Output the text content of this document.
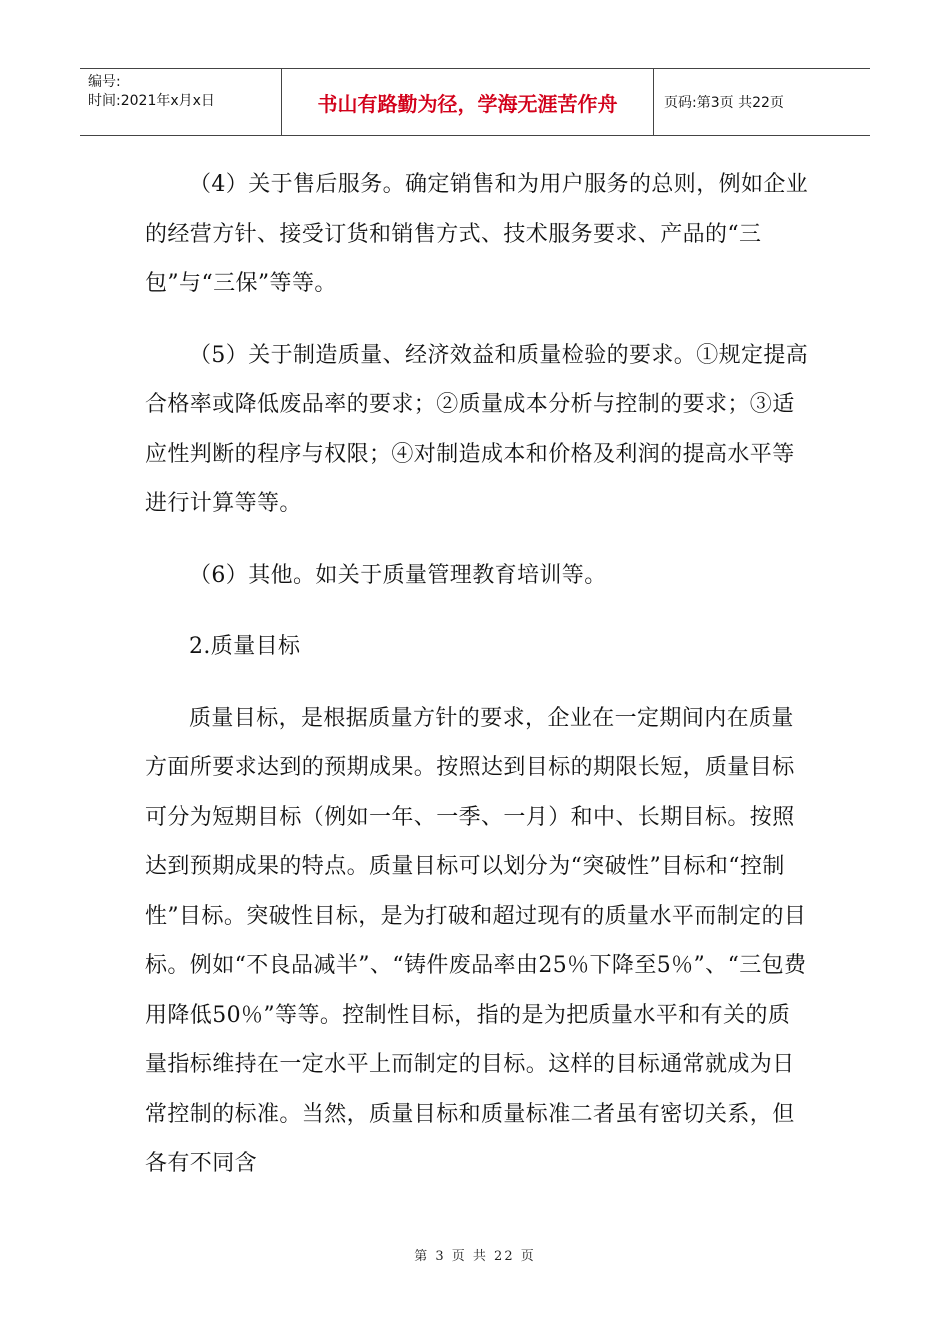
编号:
时间:2021年x月x日	书山有路勤为径，学海无涯苦作舟	页码:第3页 共22页

（4）关于售后服务。确定销售和为用户服务的总则，例如企业的经营方针、接受订货和销售方式、技术服务要求、产品的“三包”与“三保”等等。

（5）关于制造质量、经济效益和质量检验的要求。①规定提高合格率或降低废品率的要求；②质量成本分析与控制的要求；③适应性判断的程序与权限；④对制造成本和价格及利润的提高水平等进行计算等等。

（6）其他。如关于质量管理教育培训等。

2.质量目标

质量目标，是根据质量方针的要求，企业在一定期间内在质量方面所要求达到的预期成果。按照达到目标的期限长短，质量目标可分为短期目标（例如一年、一季、一月）和中、长期目标。按照达到预期成果的特点。质量目标可以划分为“突破性”目标和“控制性”目标。突破性目标，是为打破和超过现有的质量水平而制定的目标。例如“不良品减半”、“铸件废品率由25％下降至5％”、“三包费用降低50％”等等。控制性目标，指的是为把质量水平和有关的质量指标维持在一定水平上而制定的目标。这样的目标通常就成为日常控制的标准。当然，质量目标和质量标准二者虽有密切关系，但各有不同含

第 3 页 共 22 页
